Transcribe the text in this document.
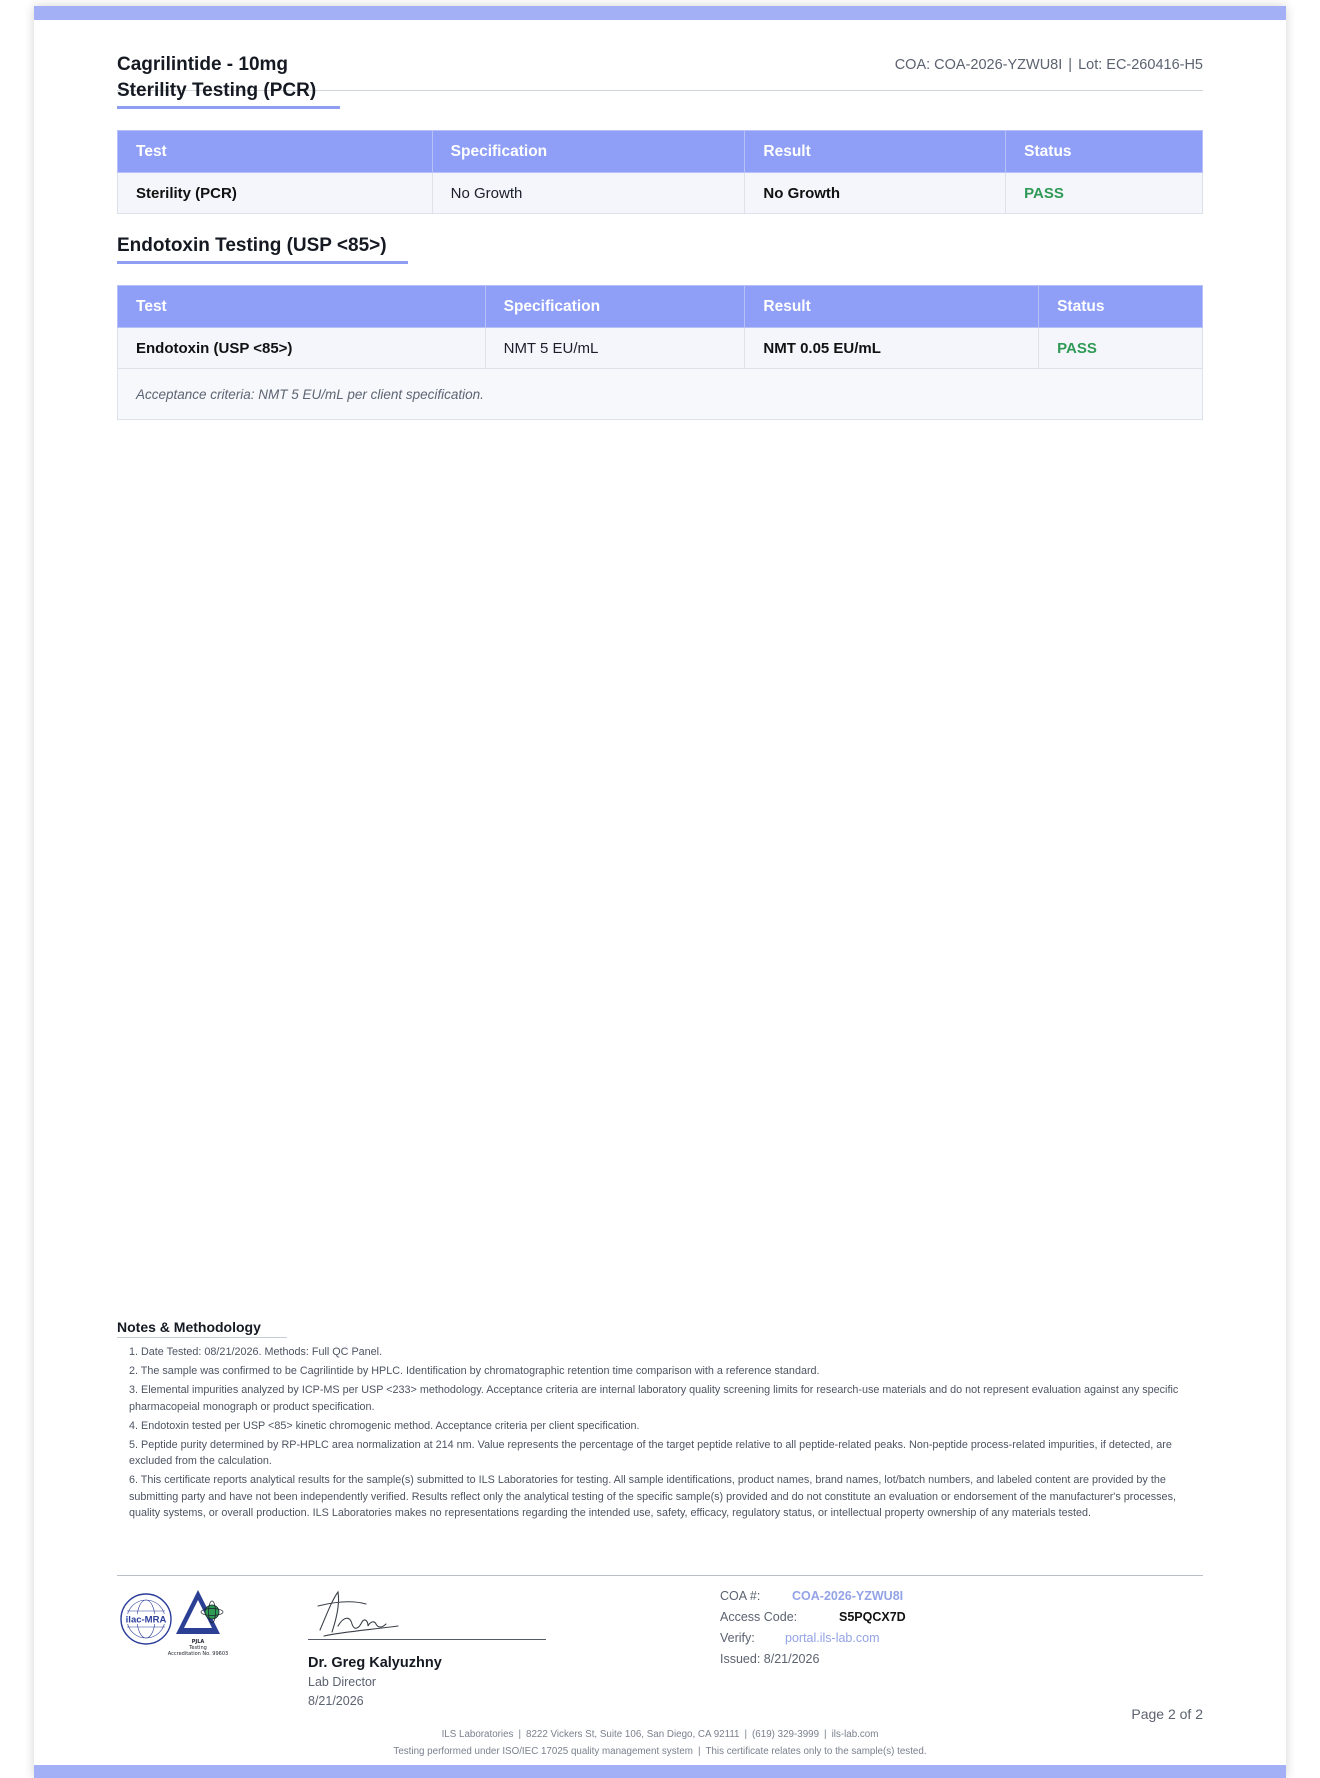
Cagrilintide - 10mg	COA: COA-2026-YZWU8I | Lot: EC-260416-H5
Sterility Testing (PCR)
Test	Specification	Result	Status
Sterility (PCR)	No Growth	No Growth	PASS
Endotoxin Testing (USP <85>)
Test	Specification	Result	Status
Endotoxin (USP <85>)	NMT 5 EU/mL	NMT 0.05 EU/mL	PASS
Acceptance criteria: NMT 5 EU/mL per client specification.			
Notes & Methodology
1. Date Tested: 08/21/2026. Methods: Full QC Panel.
2. The sample was confirmed to be Cagrilintide by HPLC. Identification by chromatographic retention time comparison with a reference standard.
3. Elemental impurities analyzed by ICP-MS per USP <233> methodology. Acceptance criteria are internal laboratory quality screening limits for research-use materials and do not represent evaluation against any specific pharmacopeial monograph or product specification.
4. Endotoxin tested per USP <85> kinetic chromogenic method. Acceptance criteria per client specification.
5. Peptide purity determined by RP-HPLC area normalization at 214 nm. Value represents the percentage of the target peptide relative to all peptide-related peaks. Non-peptide process-related impurities, if detected, are excluded from the calculation.
6. This certificate reports analytical results for the sample(s) submitted to ILS Laboratories for testing. All sample identifications, product names, brand names, lot/batch numbers, and labeled content are provided by the submitting party and have not been independently verified. Results reflect only the analytical testing of the specific sample(s) provided and do not constitute an evaluation or endorsement of the manufacturer's processes, quality systems, or overall production. ILS Laboratories makes no representations regarding the intended use, safety, efficacy, regulatory status, or intellectual property ownership of any materials tested.
ilac-MRA
PJLA
Testing
Accreditation No. 99603
Dr. Greg Kalyuzhny
Lab Director
8/21/2026
COA #:	COA-2026-YZWU8I
Access Code:	S5PQCX7D
Verify: portal.ils-lab.com
Issued: 8/21/2026
Page 2 of 2
ILS Laboratories | 8222 Vickers St, Suite 106, San Diego, CA 92111 | (619) 329-3999 | ils-lab.com
Testing performed under ISO/IEC 17025 quality management system | This certificate relates only to the sample(s) tested.
